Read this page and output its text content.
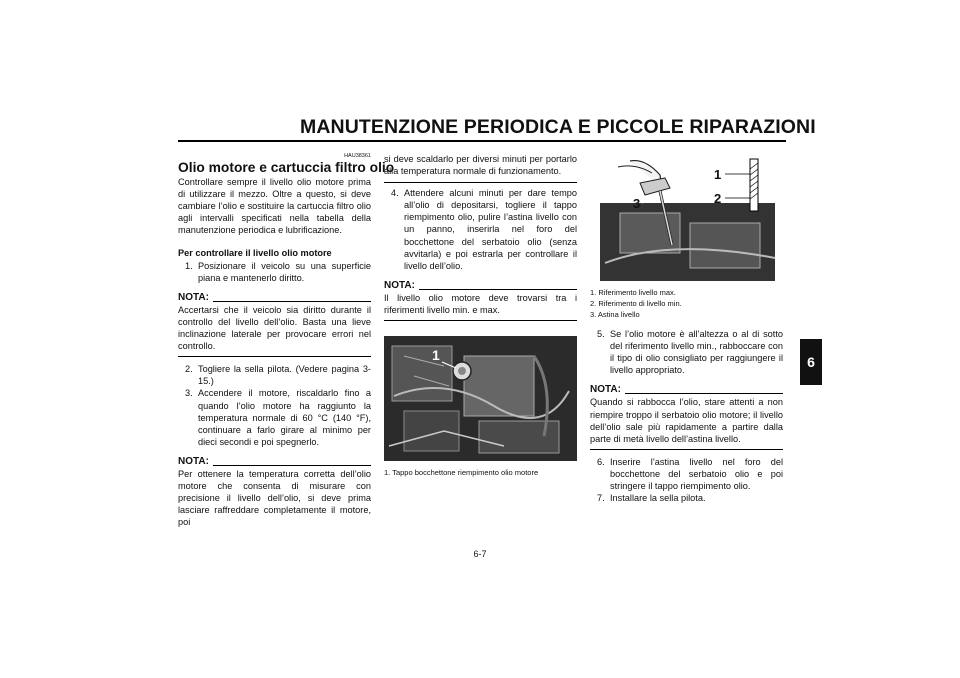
MANUTENZIONE PERIODICA E PICCOLE RIPARAZIONI
6
6-7
HAU38361
Olio motore e cartuccia filtro olio
Controllare sempre il livello olio motore prima di utilizzare il mezzo. Oltre a questo, si deve cambiare l’olio e sostituire la cartuccia filtro olio agli intervalli specificati nella tabella della manutenzione periodica e lubrificazione.
Per controllare il livello olio motore
1. Posizionare il veicolo su una superficie piana e mantenerlo diritto.
NOTA:
Accertarsi che il veicolo sia diritto durante il controllo del livello dell’olio. Basta una lieve inclinazione laterale per provocare errori nel controllo.
2. Togliere la sella pilota. (Vedere pagina 3-15.)
3. Accendere il motore, riscaldarlo fino a quando l’olio motore ha raggiunto la temperatura normale di 60 °C (140 °F), continuare a farlo girare al minimo per dieci secondi e poi spegnerlo.
NOTA:
Per ottenere la temperatura corretta dell’olio motore che consenta di misurare con precisione il livello dell’olio, si deve prima lasciare raffreddare completamente il motore, poi
si deve scaldarlo per diversi minuti per portarlo alla temperatura normale di funzionamento.
4. Attendere alcuni minuti per dare tempo all’olio di depositarsi, togliere il tappo riempimento olio, pulire l’astina livello con un panno, inserirla nel foro del bocchettone del serbatoio olio (senza avvitarla) e poi estrarla per controllare il livello dell’olio.
NOTA:
Il livello olio motore deve trovarsi tra i riferimenti livello min. e max.
1
1. Tappo bocchettone riempimento olio motore
1
2
3
1. Riferimento livello max.
2. Riferimento di livello min.
3. Astina livello
5. Se l’olio motore è all’altezza o al di sotto del riferimento livello min., rabboccare con il tipo di olio consigliato per raggiungere il livello appropriato.
NOTA:
Quando si rabbocca l’olio, stare attenti a non riempire troppo il serbatoio olio motore; il livello dell’olio sale più rapidamente a partire dalla parte di metà livello dell’astina livello.
6. Inserire l’astina livello nel foro del bocchettone del serbatoio olio e poi stringere il tappo riempimento olio.
7. Installare la sella pilota.
